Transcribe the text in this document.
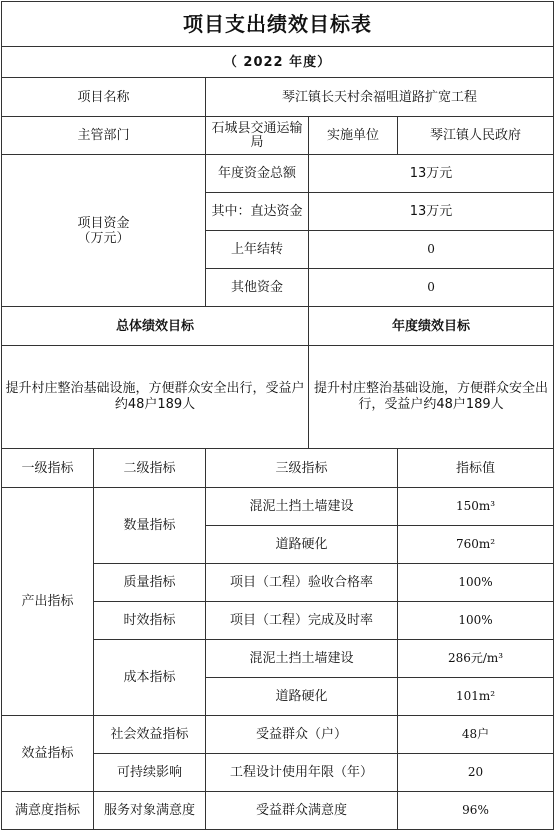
项目支出绩效目标表				
（ 2022 年度）				
项目名称		琴江镇长天村余福咀道路扩宽工程		
主管部门		石城县交通运输局	实施单位	琴江镇人民政府
项目资金
（万元）		年度资金总额	13万元	
		其中：直达资金	13万元	
		上年结转	0	
		其他资金	0	
总体绩效目标			年度绩效目标	
提升村庄整治基础设施，方便群众安全出行，受益户约48户189人			提升村庄整治基础设施，方便群众安全出行，受益户约48户189人	
一级指标	二级指标	三级指标		指标值
产出指标	数量指标	混泥土挡土墙建设		150m³
		道路硬化		760m²
	质量指标	项目（工程）验收合格率		100%
	时效指标	项目（工程）完成及时率		100%
	成本指标	混泥土挡土墙建设		286元/m³
		道路硬化		101m²
效益指标	社会效益指标	受益群众（户）		48户
	可持续影响	工程设计使用年限（年）		20
满意度指标	服务对象满意度	受益群众满意度		96%
